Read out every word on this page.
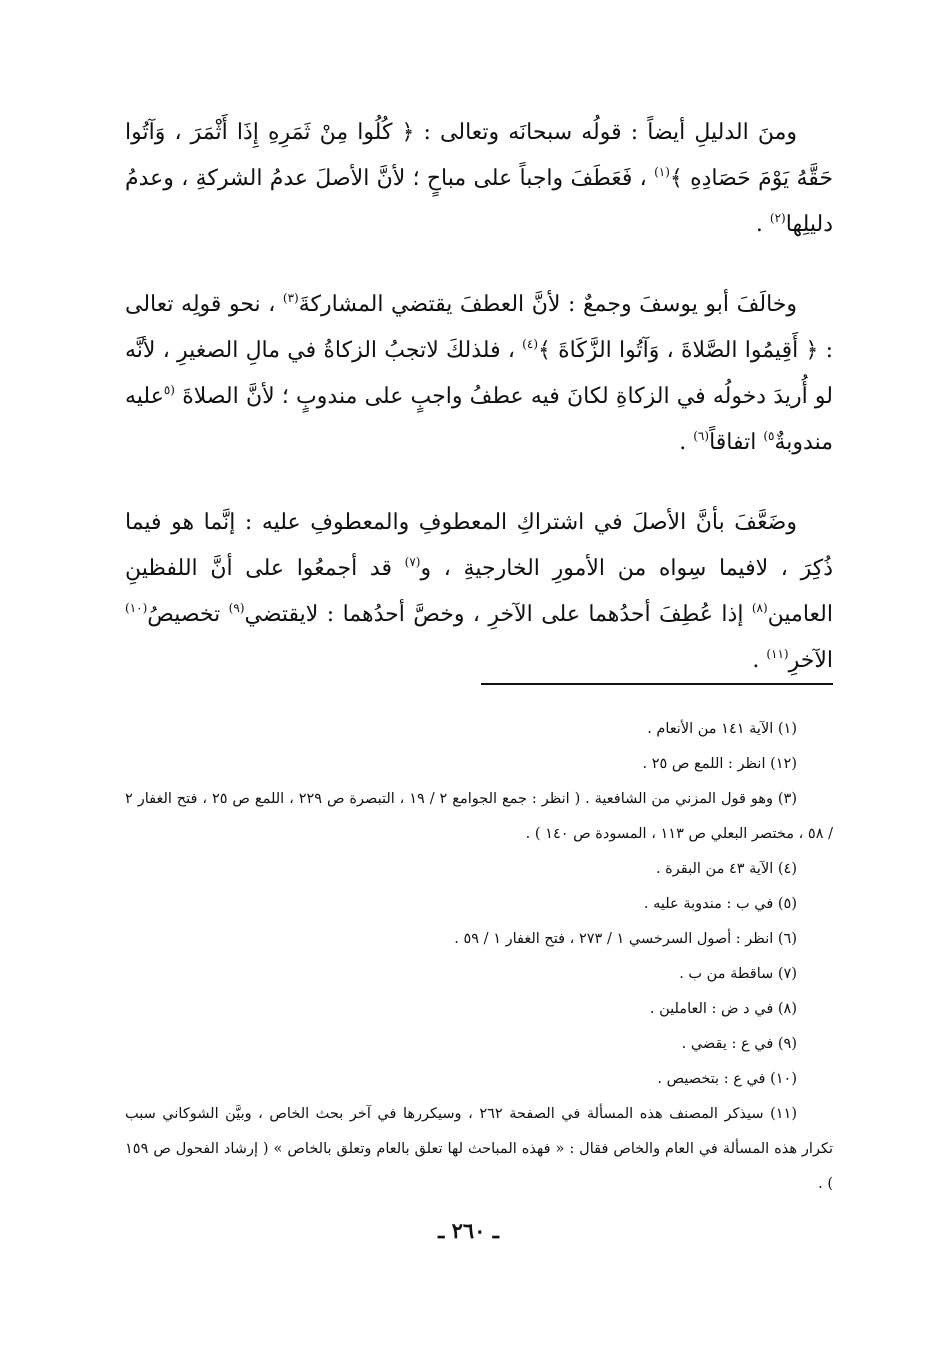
ومنَ الدليلِ أيضاً : قولُه سبحانَه وتعالى : ﴿ كُلُوا مِنْ ثَمَرِهِ إِذَا أَثْمَرَ ، وَآتُوا حَقَّهُ يَوْمَ حَصَادِهِ ﴾$^{(١)}$ ، فَعَطَفَ واجباً على مباحٍ ؛ لأنَّ الأصلَ عدمُ الشركةِ ، وعدمُ دليلِها$^{(٢)}$ .

وخالَفَ أبو يوسفَ وجمعٌ : لأنَّ العطفَ يقتضي المشاركةَ$^{(٣)}$ ، نحو قولِه تعالى : ﴿ أَقِيمُوا الصَّلاةَ ، وَآتُوا الزَّكَاةَ ﴾$^{(٤)}$ ، فلذلكَ لاتجبُ الزكاةُ في مالِ الصغيرِ ، لأنَّه لو أُريدَ دخولُه في الزكاةِ لكانَ فيه عطفُ واجبٍ على مندوبٍ ؛ لأنَّ الصلاةَ $^{(٥}$عليه مندوبةٌ$^{٥)}$ اتفاقاً$^{(٦)}$ .

وضَعَّفَ بأنَّ الأصلَ في اشتراكِ المعطوفِ والمعطوفِ عليه : إنَّما هو فيما ذُكِرَ ، لافيما سِواه من الأمورِ الخارجيةِ ، و$^{(٧)}$ قد أجمعُوا على أنَّ اللفظينِ العامين$^{(٨)}$ إذا عُطِفَ أحدُهما على الآخرِ ، وخصَّ أحدُهما : لايقتضي$^{(٩)}$ تخصيصُ$^{(١٠)}$ الآخرِ$^{(١١)}$ .

(١) الآية ١٤١ من الأنعام .

(١٢) انظر : اللمع ص ٢٥ .

(٣) وهو قول المزني من الشافعية . ( انظر : جمع الجوامع ٢ / ١٩ ، التبصرة ص ٢٢٩ ، اللمع ص ٢٥ ، فتح الغفار ٢ / ٥٨ ، مختصر البعلي ص ١١٣ ، المسودة ص ١٤٠ ) .

(٤) الآية ٤٣ من البقرة .

(٥) في ب : مندوبة عليه .

(٦) انظر : أصول السرخسي ١ / ٢٧٣ ، فتح الغفار ١ / ٥٩ .

(٧) ساقطة من ب .

(٨) في د ض : العاملين .

(٩) في ع : يقضي .

(١٠) في ع : بتخصيص .

(١١) سيذكر المصنف هذه المسألة في الصفحة ٢٦٢ ، وسيكررها في آخر بحث الخاص ، وبيَّن الشوكاني سبب تكرار هذه المسألة في العام والخاص فقال : « فهذه المباحث لها تعلق بالعام وتعلق بالخاص » ( إرشاد الفحول ص ١٥٩ ) .

ـ ٢٦٠ ـ
